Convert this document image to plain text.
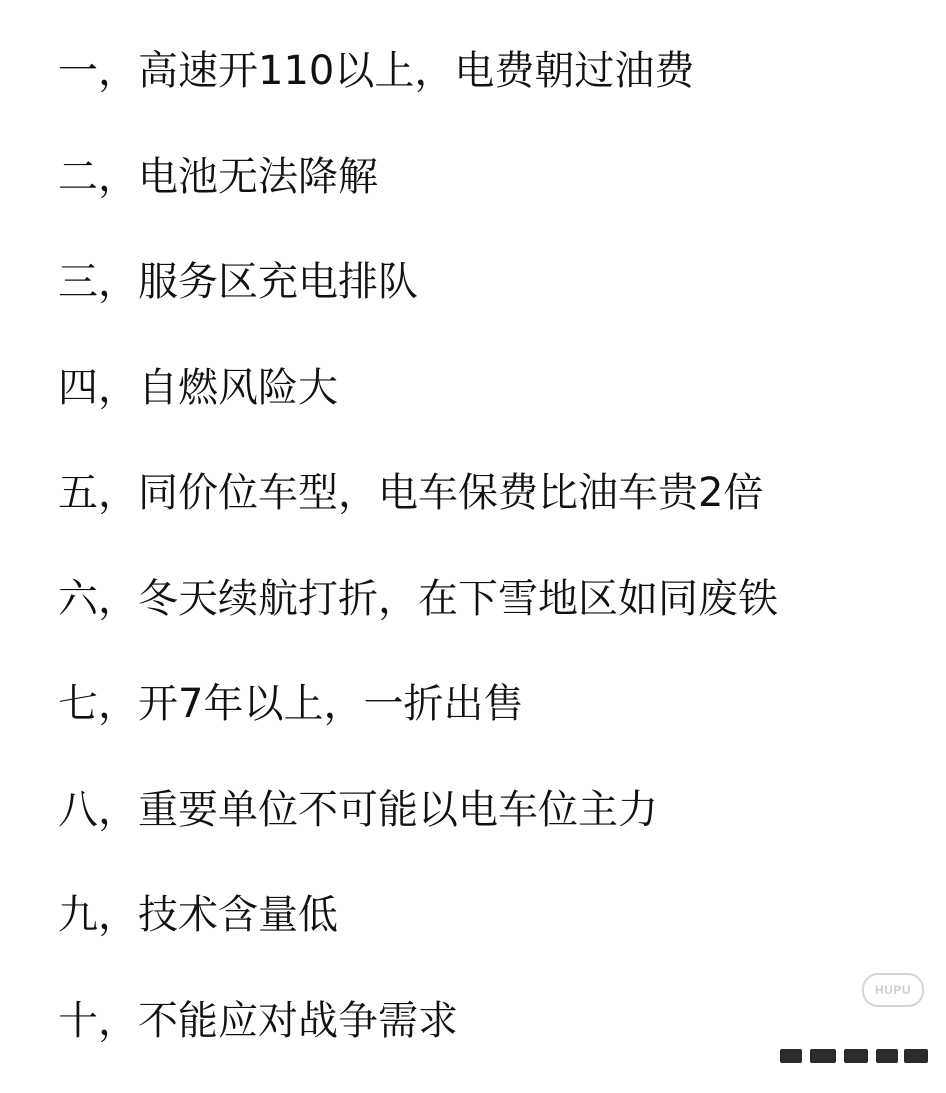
一，高速开110以上，电费朝过油费
二，电池无法降解
三，服务区充电排队
四，自燃风险大
五，同价位车型，电车保费比油车贵2倍
六，冬天续航打折，在下雪地区如同废铁
七，开7年以上，一折出售
八，重要单位不可能以电车位主力
九，技术含量低
十，不能应对战争需求
HUPU
